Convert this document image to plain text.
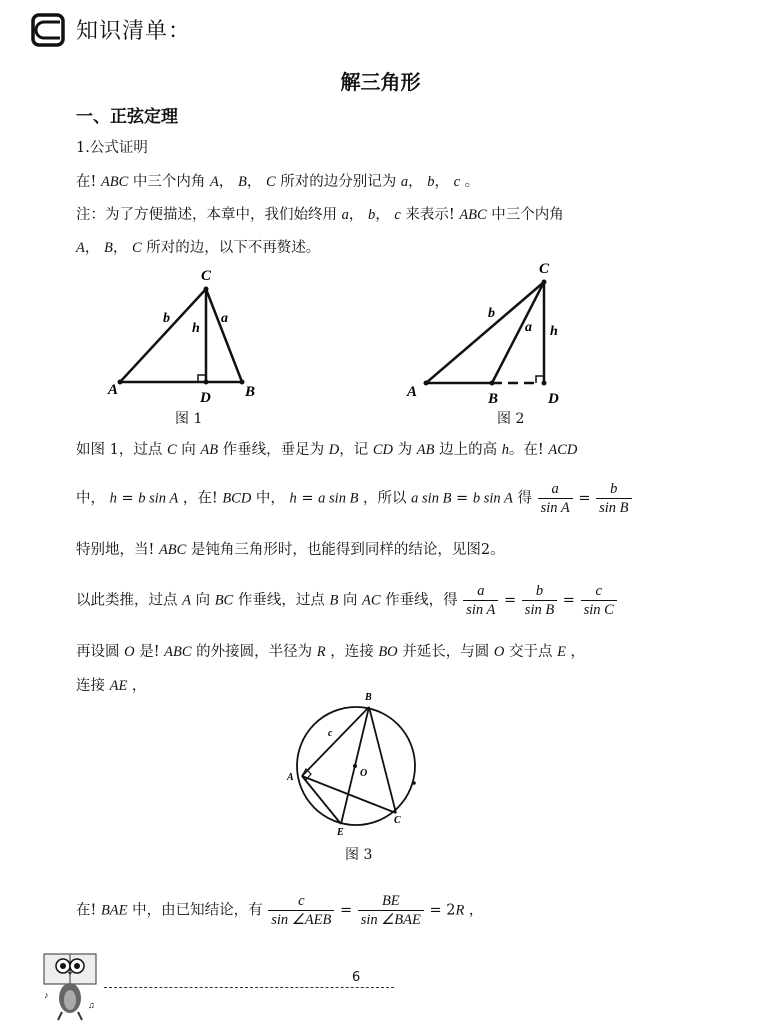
知识清单：
解三角形
一、正弦定理
1.公式证明
在! ABC 中三个内角 A， B， C 所对的边分别记为 a， b， c 。
注：为了方便描述，本章中，我们始终用 a， b， c 来表示! ABC 中三个内角
A， B， C 所对的边，以下不再赘述。
C
A	B
D
b
h
a
图 1
C
A	B	D
b
a h
图 2
如图 1，过点 C 向 AB 作垂线，垂足为 D，记 CD 为 AB 边上的高 h。在! ACD
中， h = b sin A ，在! BCD 中， h = a sin B ，所以 a sin B = b sin A 得 $\frac{a}{\text{sin A}} = \frac{b}{\text{sin B}}$
特别地，当! ABC 是钝角三角形时，也能得到同样的结论，见图2。
以此类推，过点 A 向 BC 作垂线，过点 B 向 AC 作垂线，得 $\frac{a}{\text{sin A}} = \frac{b}{\text{sin B}} = \frac{c}{\text{sin C}}$
再设圆 O 是! ABC 的外接圆，半径为 R ，连接 BO 并延长，与圆 O 交于点 E ，
连接 AE ，
B
A
C
E
O
c
图 3
在! BAE 中，由已知结论，有 $\frac{c}{\text{sin ∠AEB}} = \frac{BE}{\text{sin ∠BAE}} = 2R$ ，
♪
♫
6
